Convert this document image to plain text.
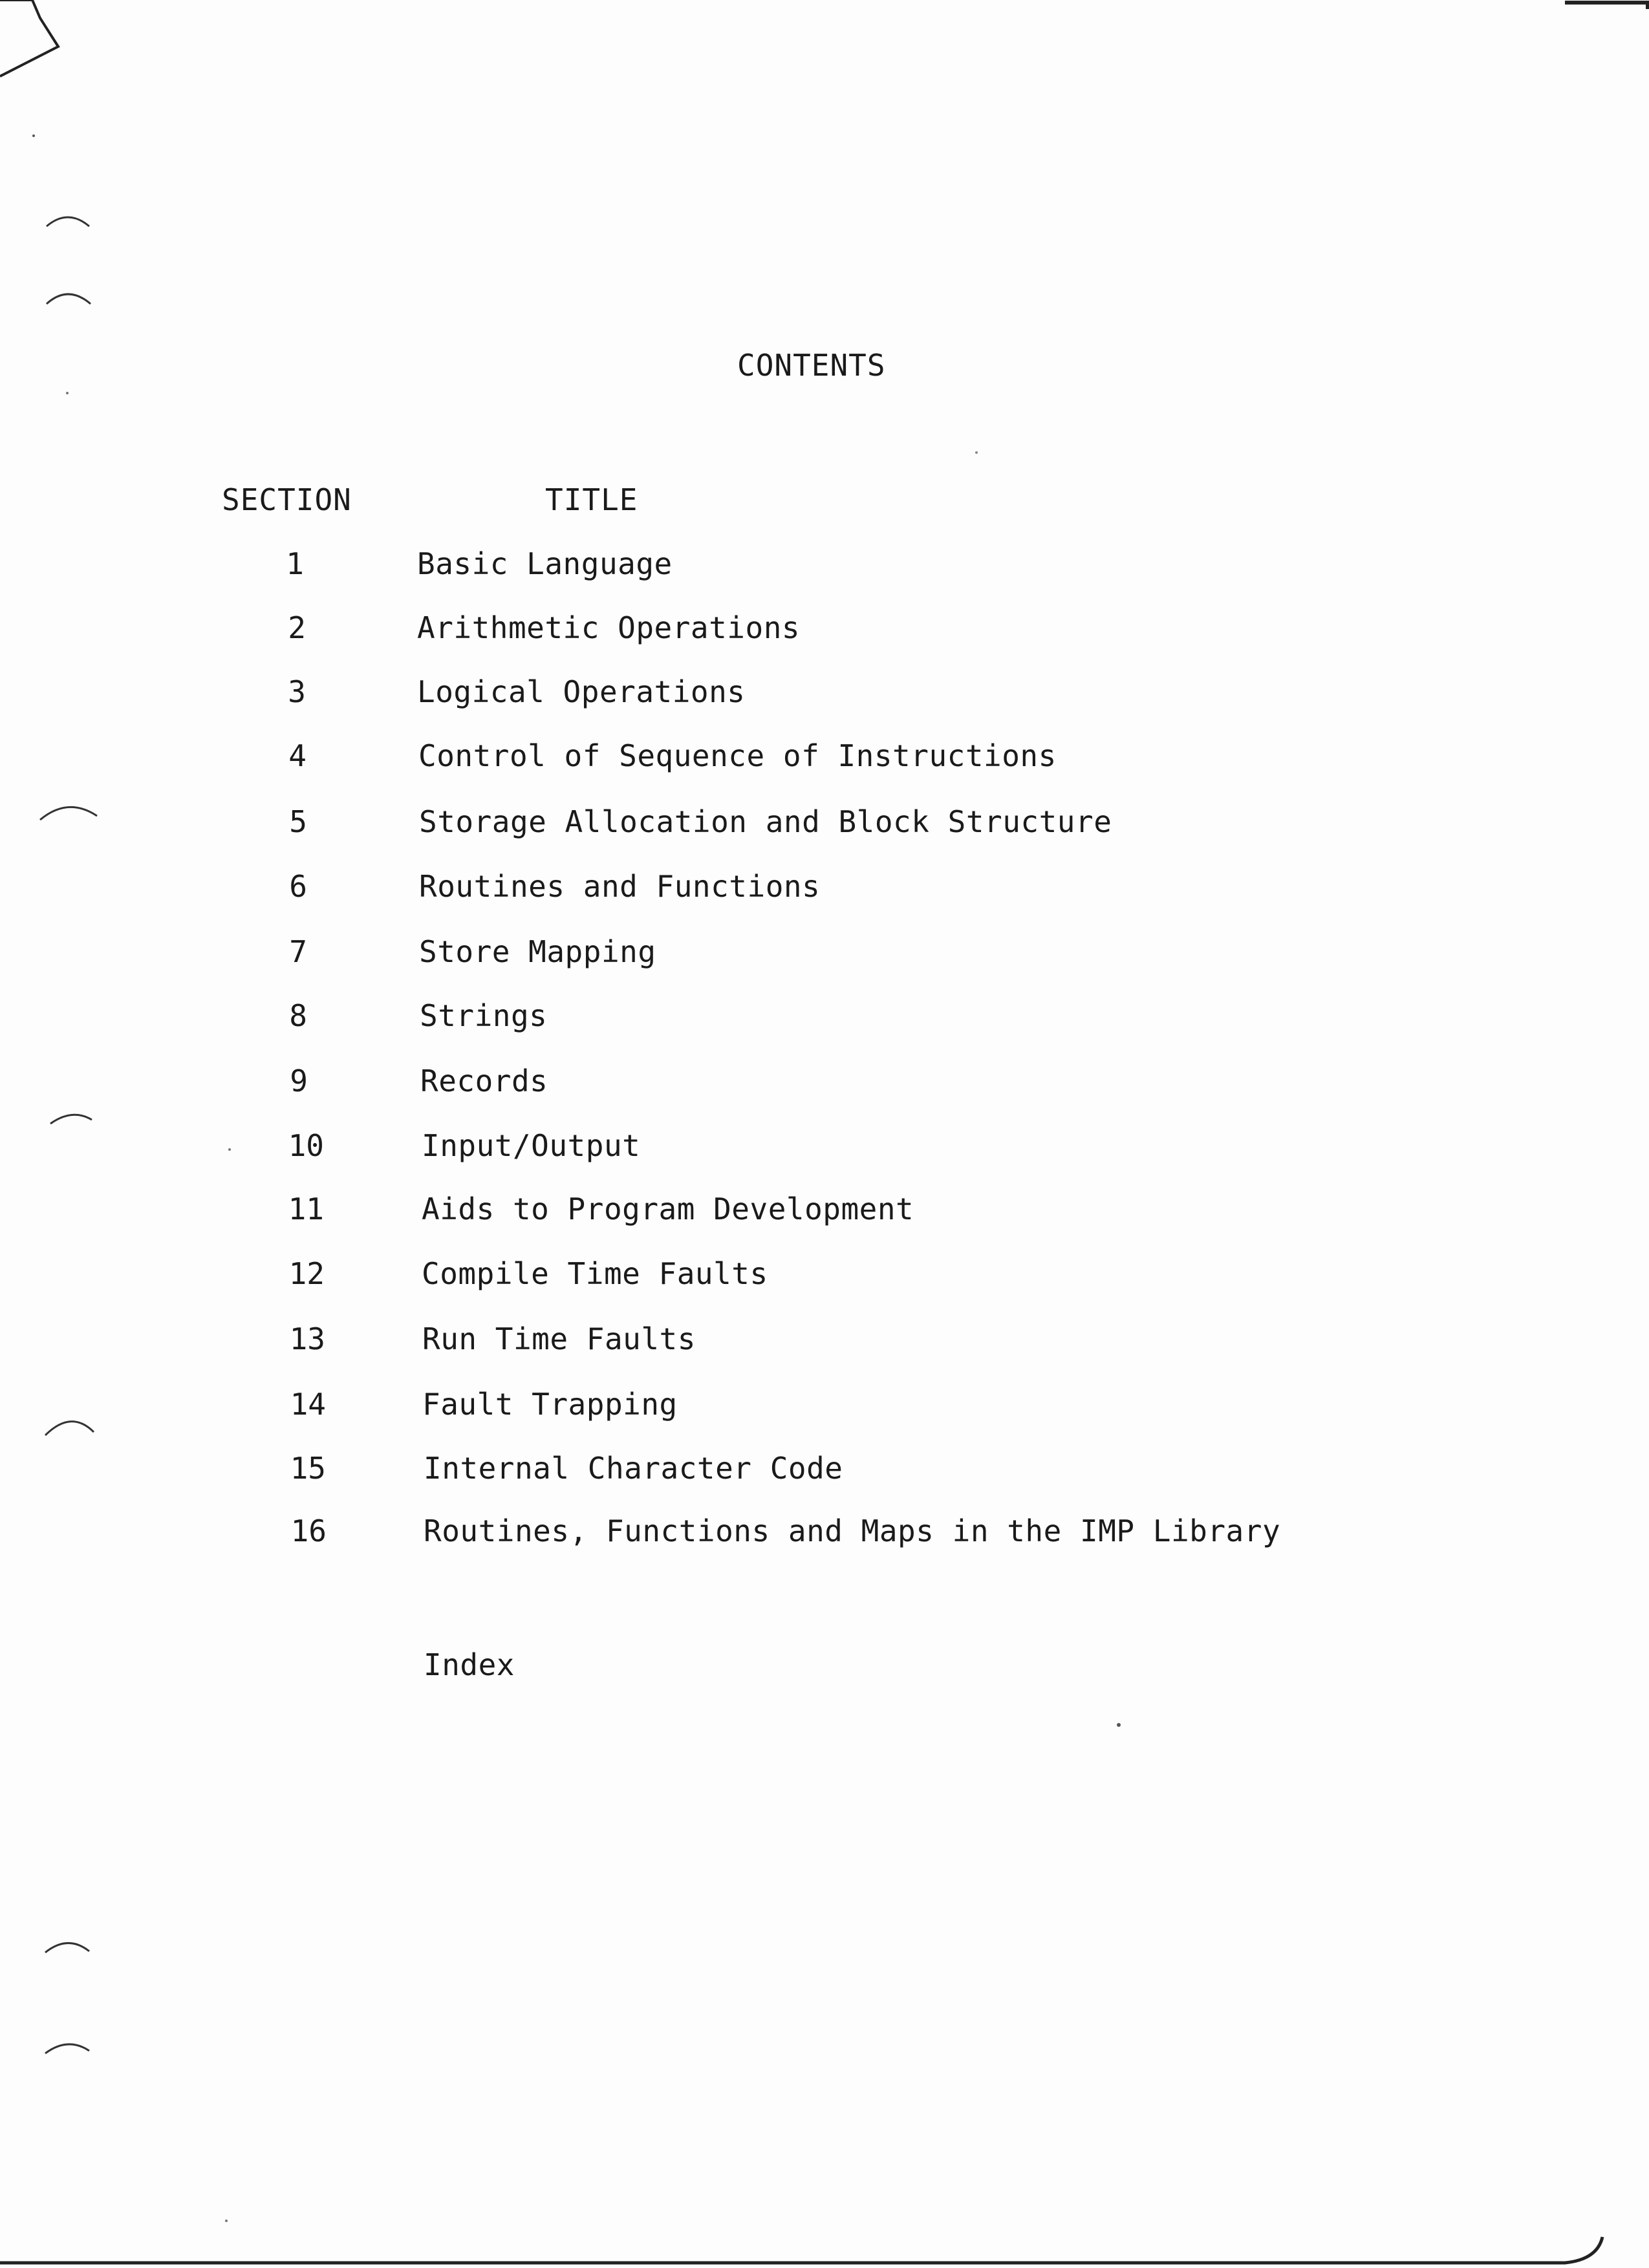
CONTENTS
SECTION	TITLE
1	Basic Language
2	Arithmetic Operations
3	Logical Operations
4	Control of Sequence of Instructions
5	Storage Allocation and Block Structure
6	Routines and Functions
7	Store Mapping
8	Strings
9	Records
10	Input/Output
11	Aids to Program Development
12	Compile Time Faults
13	Run Time Faults
14	Fault Trapping
15	Internal Character Code
16	Routines, Functions and Maps in the IMP Library
Index
